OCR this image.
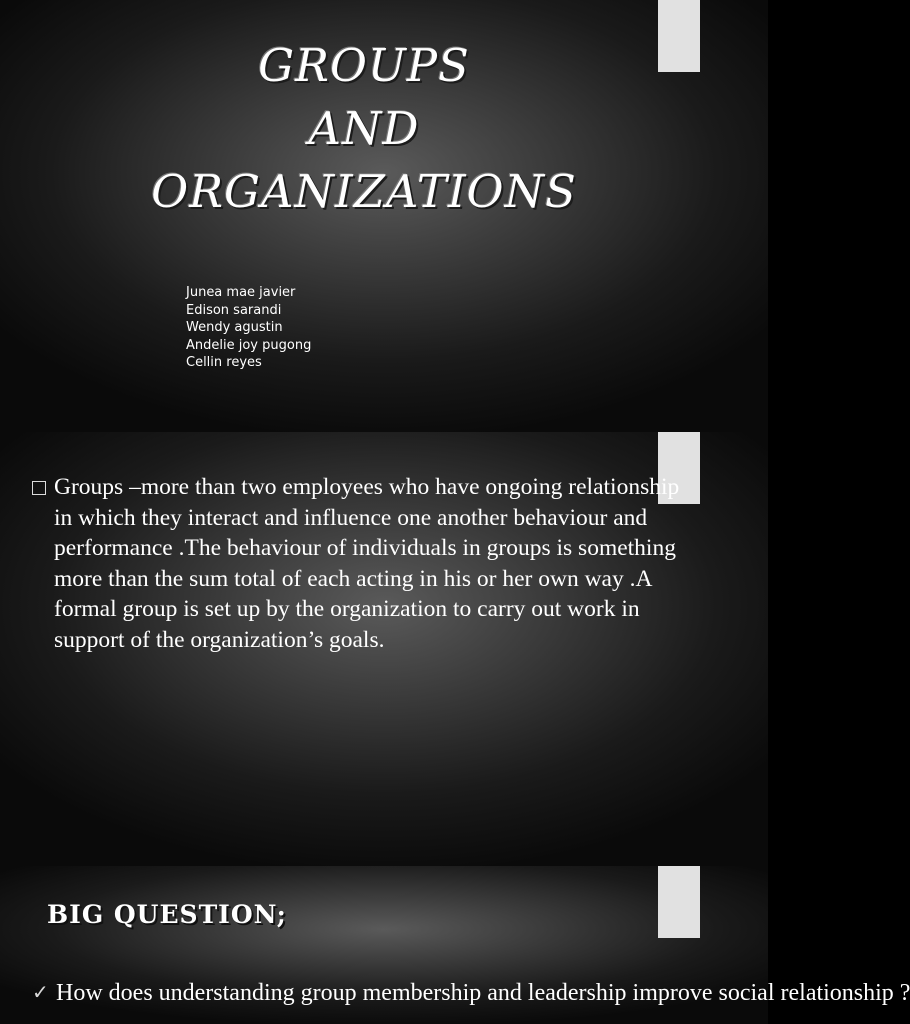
GROUPS
AND
ORGANIZATIONS
Junea mae javier
Edison sarandi
Wendy agustin
Andelie joy pugong
Cellin reyes
Groups –more than two employees who have ongoing relationship in which they interact and influence one another behaviour and performance .The behaviour of individuals in groups is something more than the sum total of each acting in his or her own way .A formal group is set up by the organization to carry out work in support of the organization’s goals.
BIG QUESTION;
✓ How does understanding group membership and leadership improve social relationship ?
